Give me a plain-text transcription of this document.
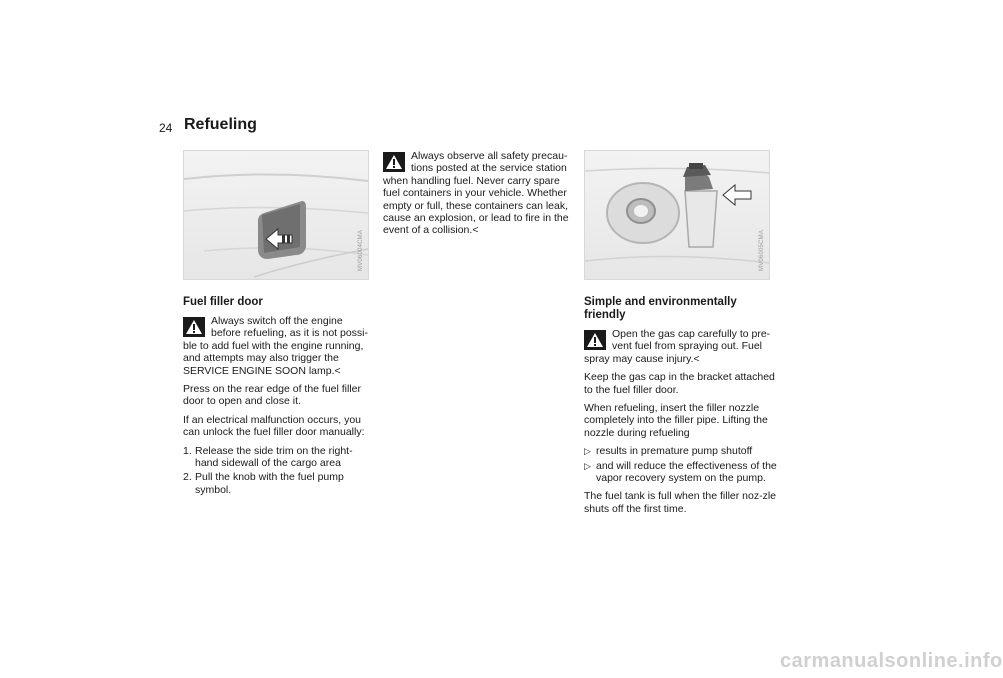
24 Refueling
MV06004CMA	MV06005CMA
Fuel filler door
Always switch off the engine before refueling, as it is not possi-ble to add fuel with the engine running, and attempts may also trigger the SERVICE ENGINE SOON lamp.<

Press on the rear edge of the fuel filler door to open and close it.

If an electrical malfunction occurs, you can unlock the fuel filler door manually:

1. Release the side trim on the right-hand sidewall of the cargo area
2. Pull the knob with the fuel pump symbol.
Always observe all safety precau-tions posted at the service station when handling fuel. Never carry spare fuel containers in your vehicle. Whether empty or full, these containers can leak, cause an explosion, or lead to fire in the event of a collision.<
Simple and environmentally friendly
Open the gas cap carefully to pre-vent fuel from spraying out. Fuel spray may cause injury.<

Keep the gas cap in the bracket attached to the fuel filler door.

When refueling, insert the filler nozzle completely into the filler pipe. Lifting the nozzle during refueling

▷ results in premature pump shutoff
▷ and will reduce the effectiveness of the vapor recovery system on the pump.

The fuel tank is full when the filler noz-zle shuts off the first time.

carmanualsonline.info
